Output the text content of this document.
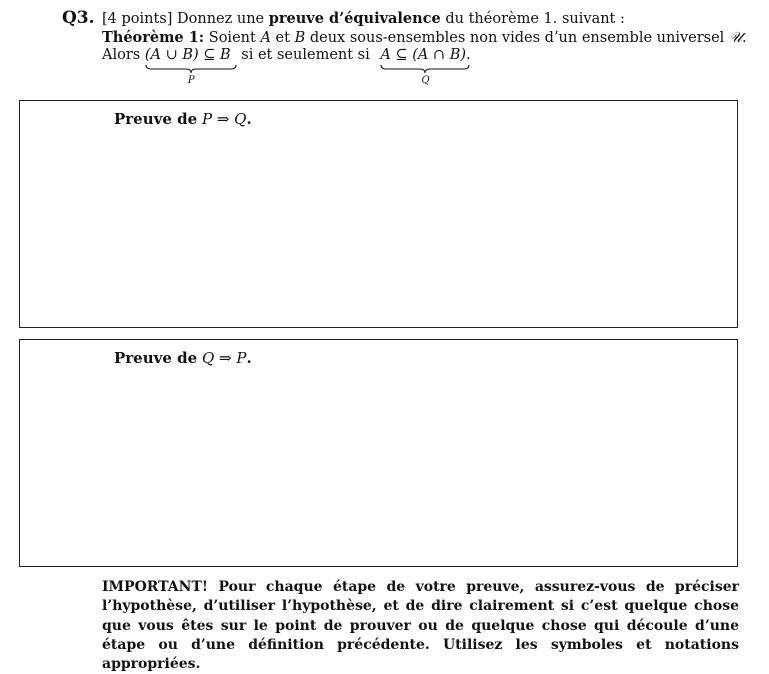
Q3. [4 points] Donnez une preuve d’équivalence du théorème 1. suivant :
Théorème 1: Soient A et B deux sous-ensembles non vides d’un ensemble universel 𝒰.
Alors (A ∪ B) ⊆ B
P
si et seulement si A ⊆ (A ∩ B)
Q
.
Preuve de P ⇒ Q.
Preuve de Q ⇒ P.
IMPORTANT! Pour chaque étape de votre preuve, assurez-vous de préciser l’hypothèse, d’utiliser l’hypothèse, et de dire clairement si c’est quelque chose que vous êtes sur le point de prouver ou de quelque chose qui découle d’une étape ou d’une définition précédente. Utilisez les symboles et notations appropriées.
